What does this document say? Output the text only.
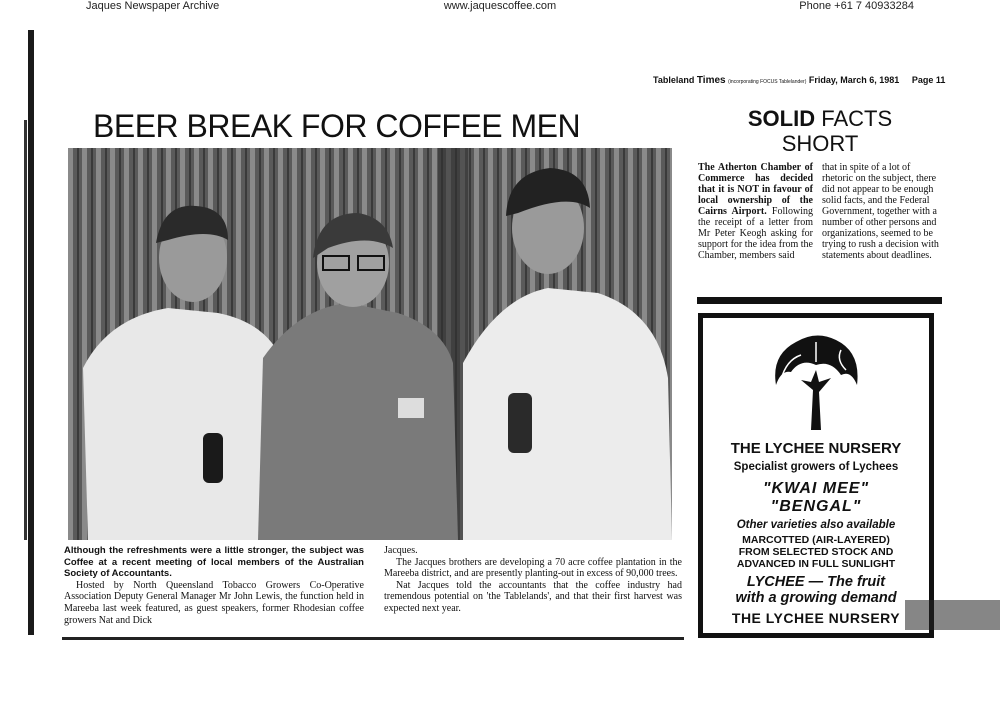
Jaques Newspaper Archive	www.jaquescoffee.com	Phone +61 7 40933284
Tableland Times (incorporating FOCUS Tablelander) Friday, March 6, 1981 Page 11
BEER BREAK FOR COFFEE MEN

Although the refreshments were a little stronger, the subject was Coffee at a recent meeting of local members of the Australian Society of Accountants.

Hosted by North Queensland Tobacco Growers Co-Operative Association Deputy General Manager Mr John Lewis, the function held in Mareeba last week featured, as guest speakers, former Rhodesian coffee growers Nat and Dick

Jacques.

The Jacques brothers are developing a 70 acre coffee plantation in the Mareeba district, and are presently planting-out in excess of 90,000 trees.

Nat Jacques told the accountants that the coffee industry had tremendous potential on 'the Tablelands', and that their first harvest was expected next year.

SOLID FACTS
SHORT
The Atherton Chamber of Commerce has decided that it is NOT in favour of local ownership of the Cairns Airport. Following the receipt of a letter from Mr Peter Keogh asking for support for the idea from the Chamber, members said
that in spite of a lot of rhetoric on the subject, there did not appear to be enough solid facts, and the Federal Government, together with a number of other persons and organizations, seemed to be trying to rush a decision with statements about deadlines.
THE LYCHEE NURSERY
Specialist growers of Lychees
"KWAI MEE"
"BENGAL"
Other varieties also available
MARCOTTED (AIR-LAYERED)
FROM SELECTED STOCK AND
ADVANCED IN FULL SUNLIGHT
LYCHEE — The fruit
with a growing demand
THE LYCHEE NURSERY
